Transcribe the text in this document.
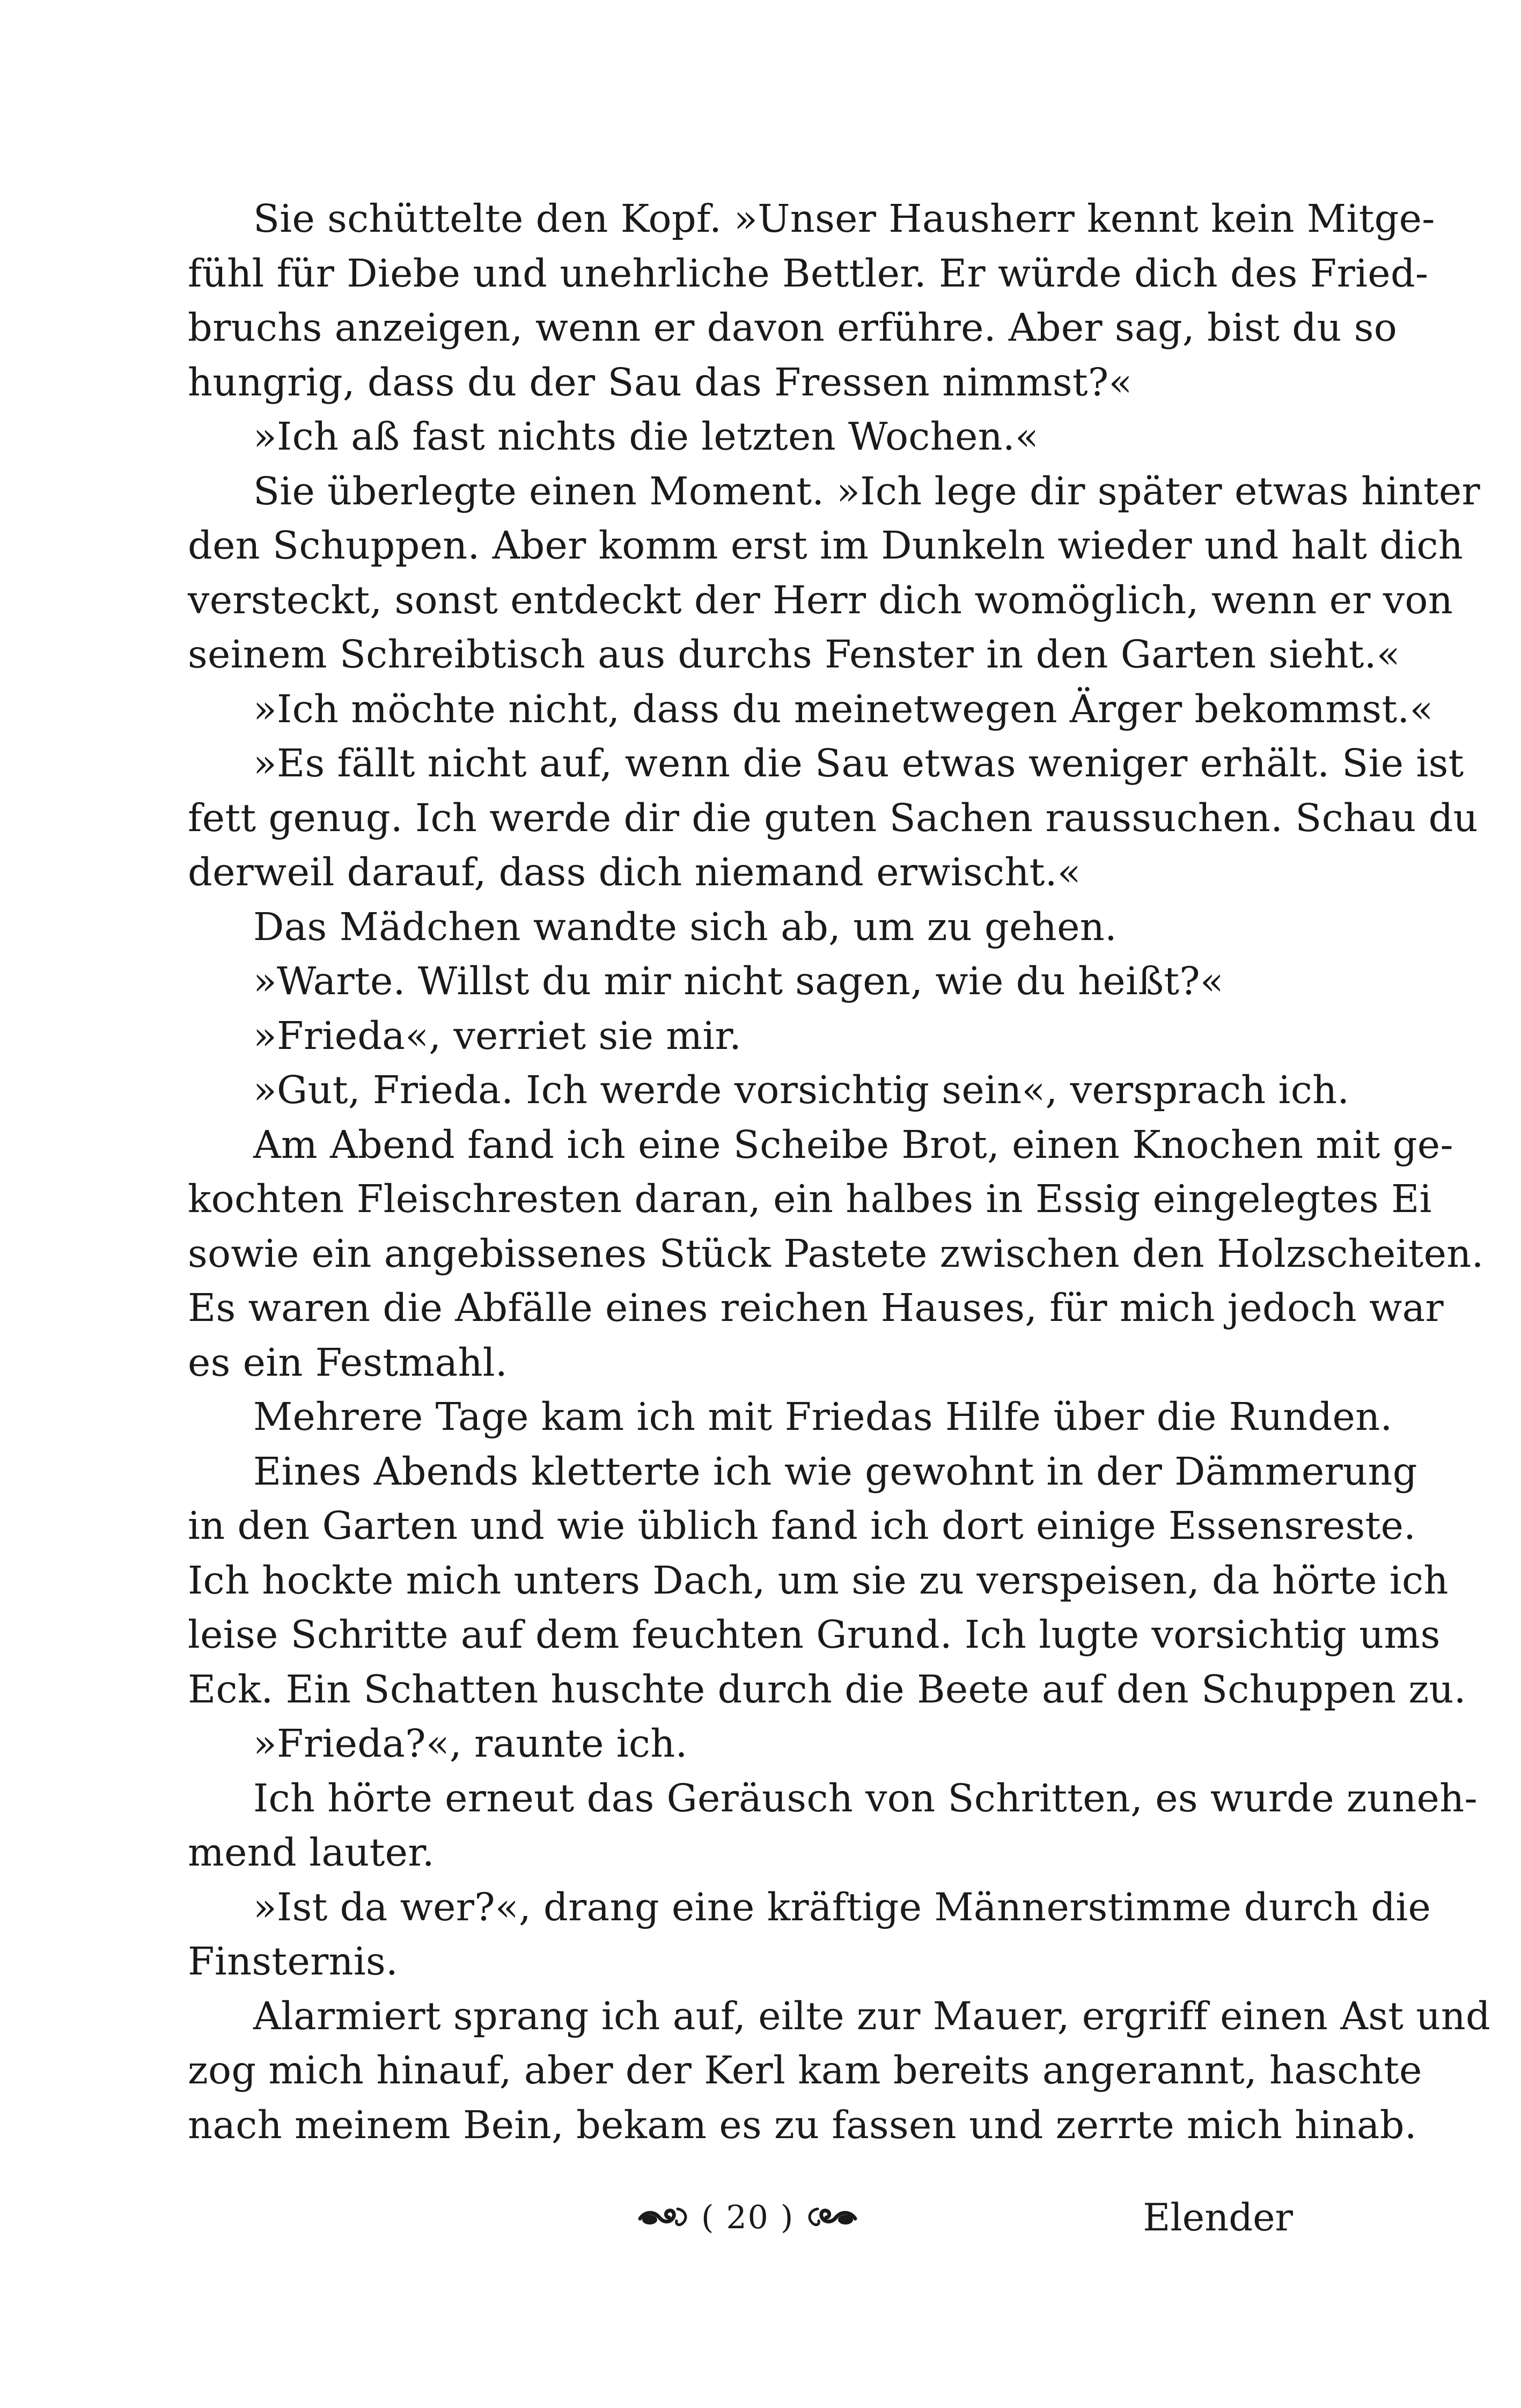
Sie schüttelte den Kopf. »Unser Hausherr kennt kein Mitge-
fühl für Diebe und unehrliche Bettler. Er würde dich des Fried-
bruchs anzeigen, wenn er davon erführe. Aber sag, bist du so
hungrig, dass du der Sau das Fressen nimmst?«
»Ich aß fast nichts die letzten Wochen.«
Sie überlegte einen Moment. »Ich lege dir später etwas hinter
den Schuppen. Aber komm erst im Dunkeln wieder und halt dich
versteckt, sonst entdeckt der Herr dich womöglich, wenn er von
seinem Schreibtisch aus durchs Fenster in den Garten sieht.«
»Ich möchte nicht, dass du meinetwegen Ärger bekommst.«
»Es fällt nicht auf, wenn die Sau etwas weniger erhält. Sie ist
fett genug. Ich werde dir die guten Sachen raussuchen. Schau du
derweil darauf, dass dich niemand erwischt.«
Das Mädchen wandte sich ab, um zu gehen.
»Warte. Willst du mir nicht sagen, wie du heißt?«
»Frieda«, verriet sie mir.
»Gut, Frieda. Ich werde vorsichtig sein«, versprach ich.
Am Abend fand ich eine Scheibe Brot, einen Knochen mit ge-
kochten Fleischresten daran, ein halbes in Essig eingelegtes Ei
sowie ein angebissenes Stück Pastete zwischen den Holzscheiten.
Es waren die Abfälle eines reichen Hauses, für mich jedoch war
es ein Festmahl.
Mehrere Tage kam ich mit Friedas Hilfe über die Runden.
Eines Abends kletterte ich wie gewohnt in der Dämmerung
in den Garten und wie üblich fand ich dort einige Essensreste.
Ich hockte mich unters Dach, um sie zu verspeisen, da hörte ich
leise Schritte auf dem feuchten Grund. Ich lugte vorsichtig ums
Eck. Ein Schatten huschte durch die Beete auf den Schuppen zu.
»Frieda?«, raunte ich.
Ich hörte erneut das Geräusch von Schritten, es wurde zuneh-
mend lauter.
»Ist da wer?«, drang eine kräftige Männerstimme durch die
Finsternis.
Alarmiert sprang ich auf, eilte zur Mauer, ergriff einen Ast und
zog mich hinauf, aber der Kerl kam bereits angerannt, haschte
nach meinem Bein, bekam es zu fassen und zerrte mich hinab.
( 20 )	Elender
